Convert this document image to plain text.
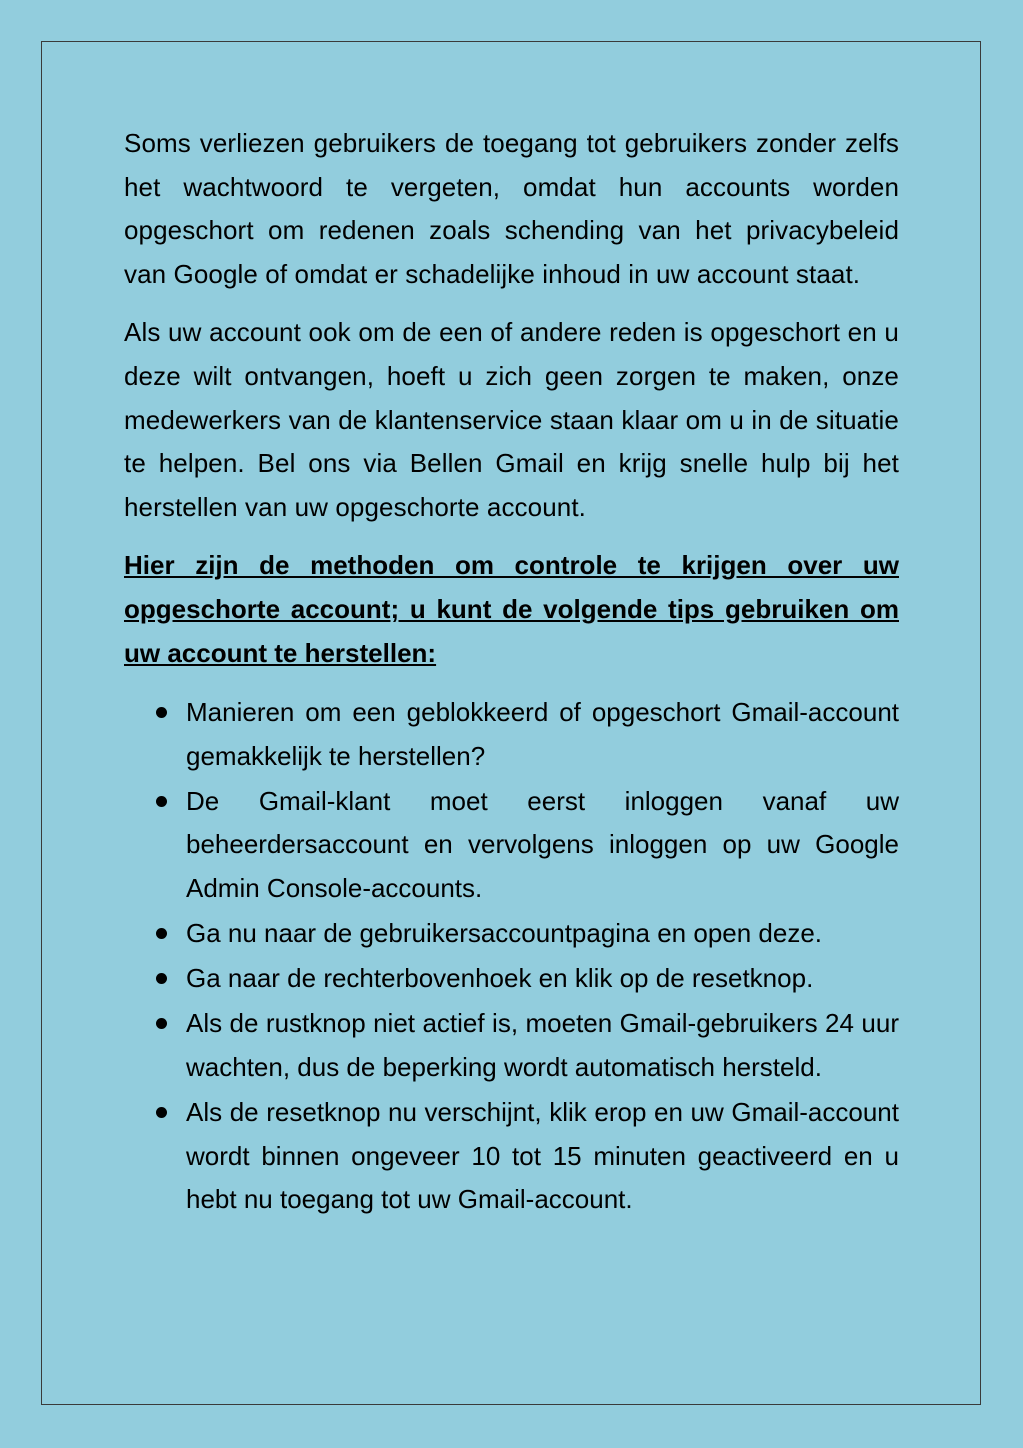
Soms verliezen gebruikers de toegang tot gebruikers zonder zelfs het wachtwoord te vergeten, omdat hun accounts worden opgeschort om redenen zoals schending van het privacybeleid van Google of omdat er schadelijke inhoud in uw account staat.

Als uw account ook om de een of andere reden is opgeschort en u deze wilt ontvangen, hoeft u zich geen zorgen te maken, onze medewerkers van de klantenservice staan klaar om u in de situatie te helpen. Bel ons via Bellen Gmail en krijg snelle hulp bij het herstellen van uw opgeschorte account.

Hier zijn de methoden om controle te krijgen over uw opgeschorte account; u kunt de volgende tips gebruiken om uw account te herstellen:

Manieren om een geblokkeerd of opgeschort Gmail-account gemakkelijk te herstellen?
De Gmail-klant moet eerst inloggen vanaf uw beheerdersaccount en vervolgens inloggen op uw Google Admin Console-accounts.
Ga nu naar de gebruikersaccountpagina en open deze.
Ga naar de rechterbovenhoek en klik op de resetknop.
Als de rustknop niet actief is, moeten Gmail-gebruikers 24 uur wachten, dus de beperking wordt automatisch hersteld.
Als de resetknop nu verschijnt, klik erop en uw Gmail-account wordt binnen ongeveer 10 tot 15 minuten geactiveerd en u hebt nu toegang tot uw Gmail-account.
